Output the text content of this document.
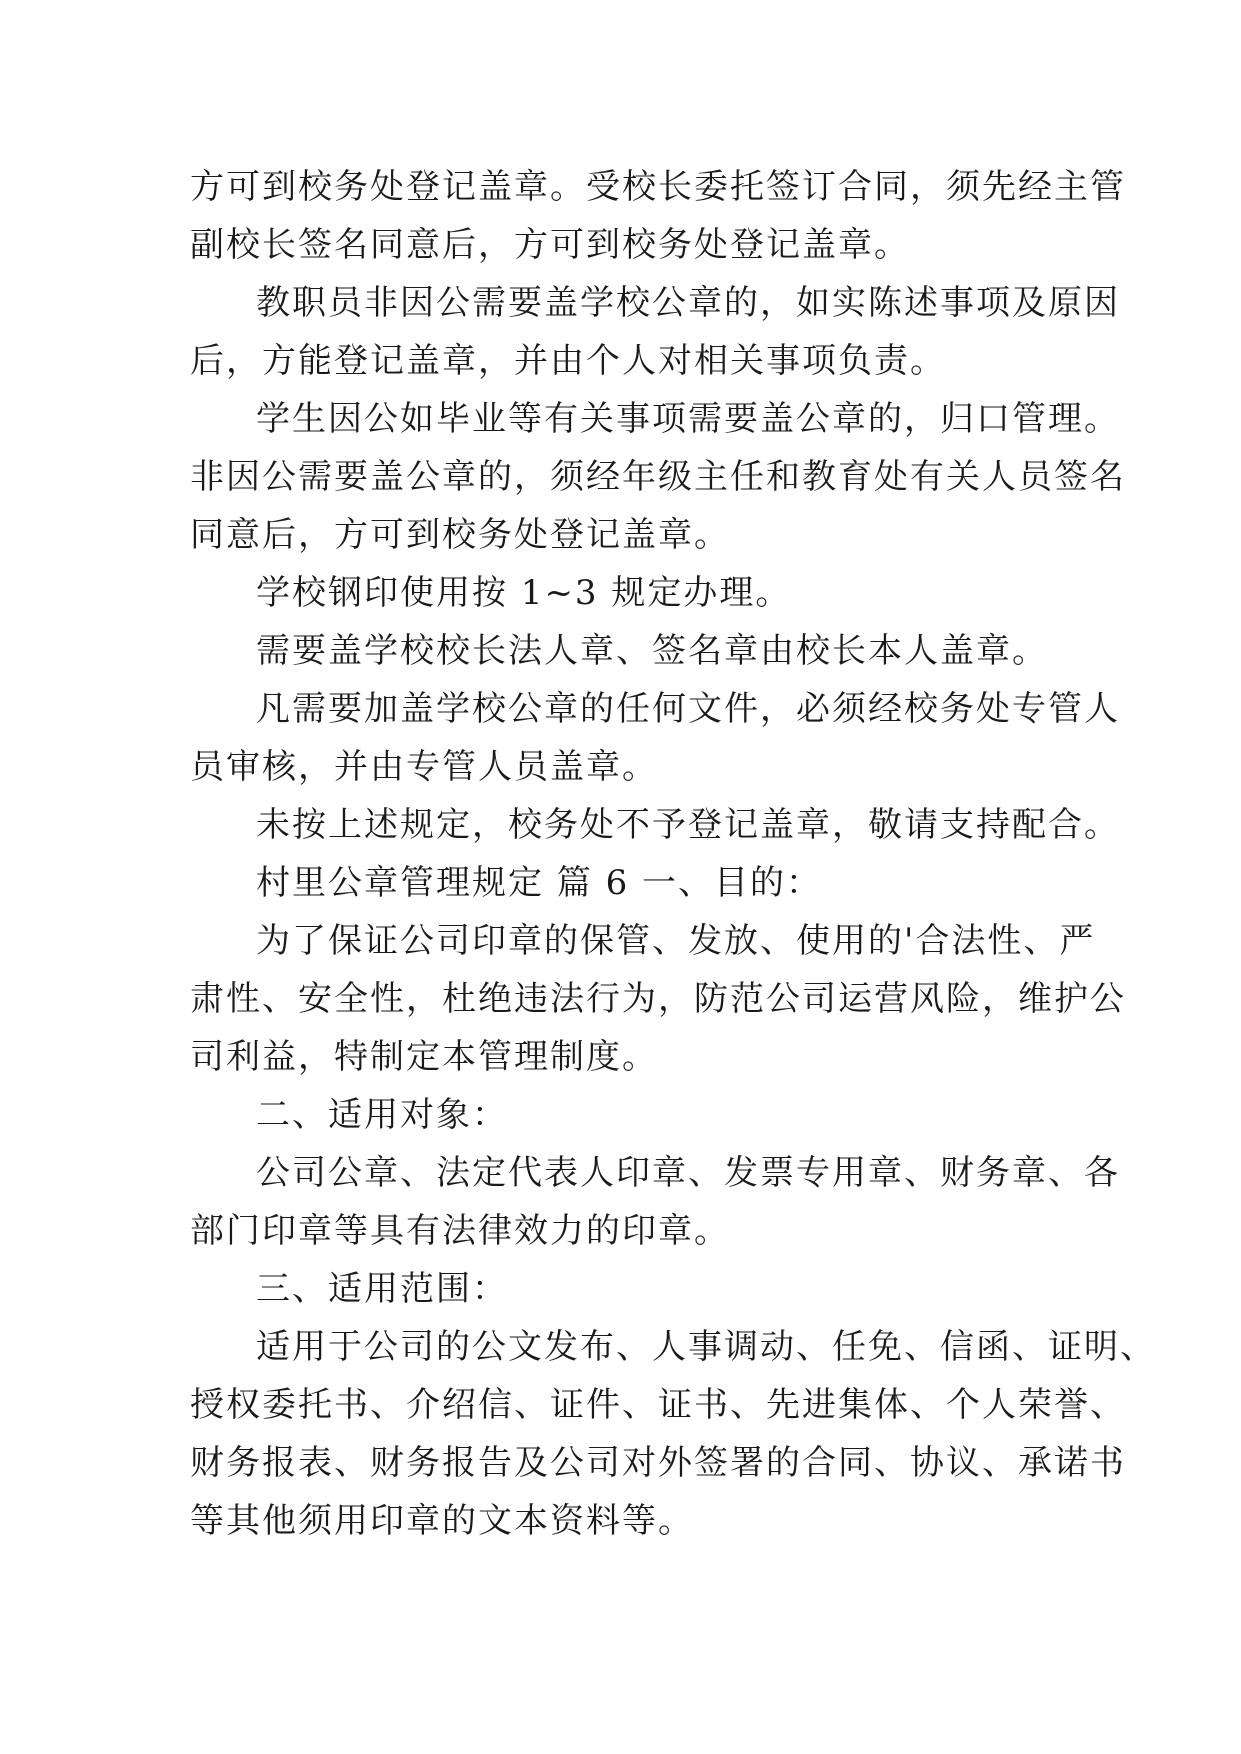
方可到校务处登记盖章。受校长委托签订合同，须先经主管
副校长签名同意后，方可到校务处登记盖章。
教职员非因公需要盖学校公章的，如实陈述事项及原因
后，方能登记盖章，并由个人对相关事项负责。
学生因公如毕业等有关事项需要盖公章的，归口管理。
非因公需要盖公章的，须经年级主任和教育处有关人员签名
同意后，方可到校务处登记盖章。
学校钢印使用按 1~3 规定办理。
需要盖学校校长法人章、签名章由校长本人盖章。
凡需要加盖学校公章的任何文件，必须经校务处专管人
员审核，并由专管人员盖章。
未按上述规定，校务处不予登记盖章，敬请支持配合。
村里公章管理规定 篇 6 一、目的：
为了保证公司印章的保管、发放、使用的'合法性、严
肃性、安全性，杜绝违法行为，防范公司运营风险，维护公
司利益，特制定本管理制度。
二、适用对象：
公司公章、法定代表人印章、发票专用章、财务章、各
部门印章等具有法律效力的印章。
三、适用范围：
适用于公司的公文发布、人事调动、任免、信函、证明、
授权委托书、介绍信、证件、证书、先进集体、个人荣誉、
财务报表、财务报告及公司对外签署的合同、协议、承诺书
等其他须用印章的文本资料等。
